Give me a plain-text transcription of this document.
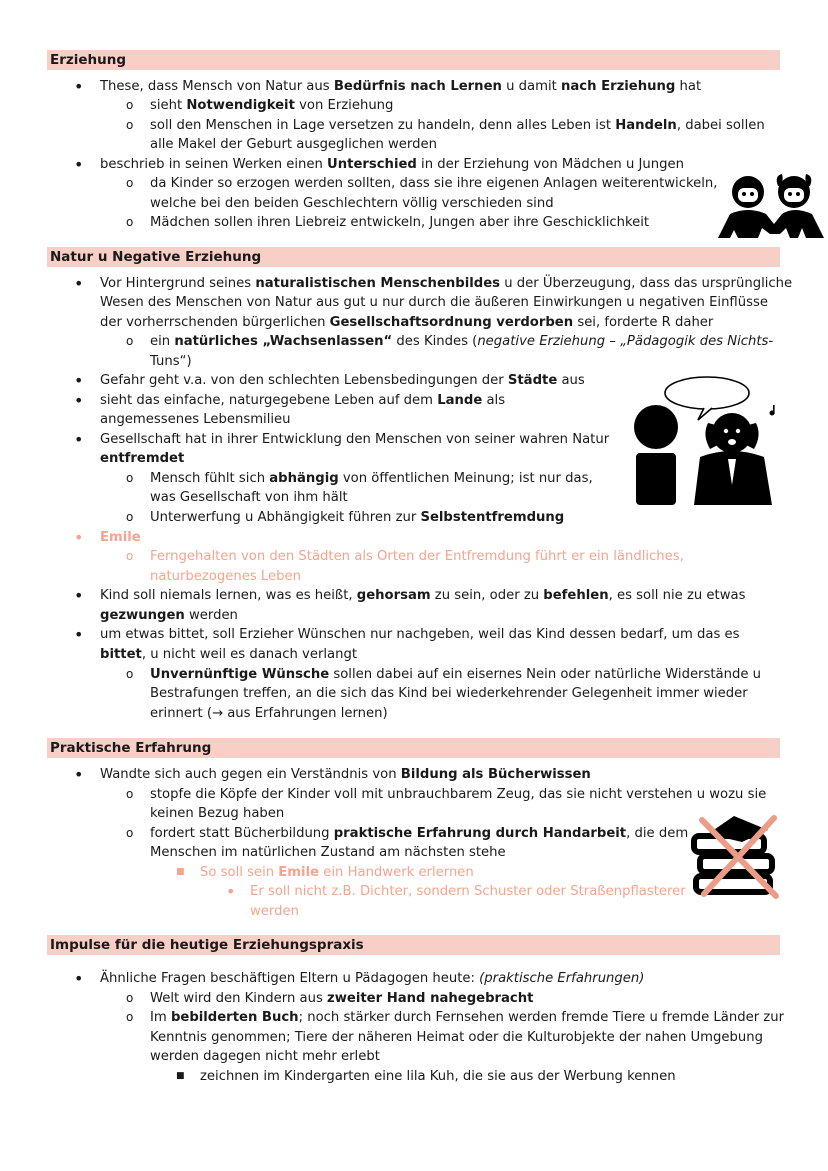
Erziehung
Natur u Negative Erziehung
Praktische Erfahrung
Impulse für die heutige Erziehungspraxis
• These, dass Mensch von Natur aus Bedürfnis nach Lernen u damit nach Erziehung hat
o sieht Notwendigkeit von Erziehung
o soll den Menschen in Lage versetzen zu handeln, denn alles Leben ist Handeln, dabei sollen
alle Makel der Geburt ausgeglichen werden
• beschrieb in seinen Werken einen Unterschied in der Erziehung von Mädchen u Jungen
o da Kinder so erzogen werden sollten, dass sie ihre eigenen Anlagen weiterentwickeln,
welche bei den beiden Geschlechtern völlig verschieden sind
o Mädchen sollen ihren Liebreiz entwickeln, Jungen aber ihre Geschicklichkeit
• Vor Hintergrund seines naturalistischen Menschenbildes u der Überzeugung, dass das ursprüngliche
Wesen des Menschen von Natur aus gut u nur durch die äußeren Einwirkungen u negativen Einflüsse
der vorherrschenden bürgerlichen Gesellschaftsordnung verdorben sei, forderte R daher
o ein natürliches „Wachsenlassen“ des Kindes (negative Erziehung – „Pädagogik des Nichts-
Tuns“)
• Gefahr geht v.a. von den schlechten Lebensbedingungen der Städte aus
• sieht das einfache, naturgegebene Leben auf dem Lande als
angemessenes Lebensmilieu
• Gesellschaft hat in ihrer Entwicklung den Menschen von seiner wahren Natur
entfremdet
o Mensch fühlt sich abhängig von öffentlichen Meinung; ist nur das,
was Gesellschaft von ihm hält
o Unterwerfung u Abhängigkeit führen zur Selbstentfremdung
• Emile
o Ferngehalten von den Städten als Orten der Entfremdung führt er ein ländliches,
naturbezogenes Leben
• Kind soll niemals lernen, was es heißt, gehorsam zu sein, oder zu befehlen, es soll nie zu etwas
gezwungen werden
• um etwas bittet, soll Erzieher Wünschen nur nachgeben, weil das Kind dessen bedarf, um das es
bittet, u nicht weil es danach verlangt
o Unvernünftige Wünsche sollen dabei auf ein eisernes Nein oder natürliche Widerstände u
Bestrafungen treffen, an die sich das Kind bei wiederkehrender Gelegenheit immer wieder
erinnert (→ aus Erfahrungen lernen)
• Wandte sich auch gegen ein Verständnis von Bildung als Bücherwissen
o stopfe die Köpfe der Kinder voll mit unbrauchbarem Zeug, das sie nicht verstehen u wozu sie
keinen Bezug haben
o fordert statt Bücherbildung praktische Erfahrung durch Handarbeit, die dem
Menschen im natürlichen Zustand am nächsten stehe
■ So soll sein Emile ein Handwerk erlernen
• Er soll nicht z.B. Dichter, sondern Schuster oder Straßenpflasterer
werden
• Ähnliche Fragen beschäftigen Eltern u Pädagogen heute: (praktische Erfahrungen)
o Welt wird den Kindern aus zweiter Hand nahegebracht
o Im bebilderten Buch; noch stärker durch Fernsehen werden fremde Tiere u fremde Länder zur
Kenntnis genommen; Tiere der näheren Heimat oder die Kulturobjekte der nahen Umgebung
werden dagegen nicht mehr erlebt
■ zeichnen im Kindergarten eine lila Kuh, die sie aus der Werbung kennen
